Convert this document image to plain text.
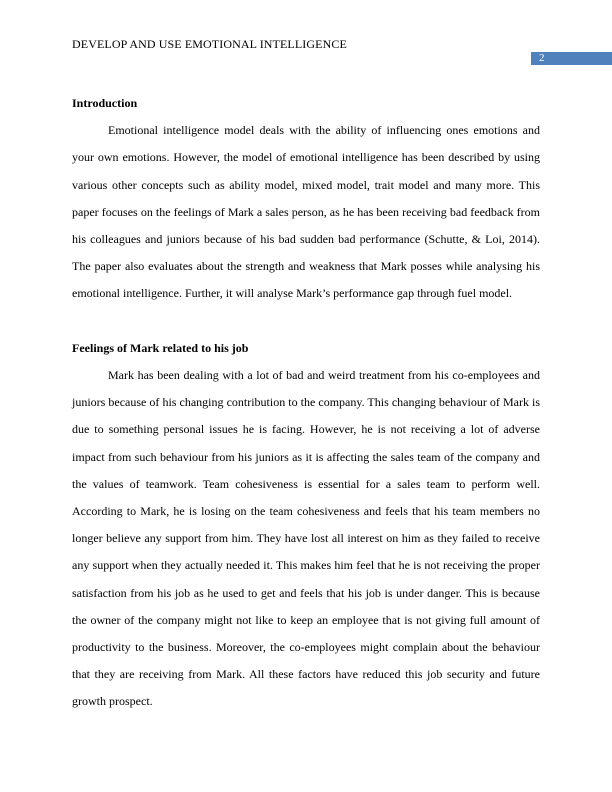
DEVELOP AND USE EMOTIONAL INTELLIGENCE
2
Introduction

Emotional intelligence model deals with the ability of influencing ones emotions and your own emotions. However, the model of emotional intelligence has been described by using various other concepts such as ability model, mixed model, trait model and many more. This paper focuses on the feelings of Mark a sales person, as he has been receiving bad feedback from his colleagues and juniors because of his bad sudden bad performance (Schutte, & Loi, 2014). The paper also evaluates about the strength and weakness that Mark posses while analysing his emotional intelligence. Further, it will analyse Mark’s performance gap through fuel model.

Feelings of Mark related to his job

Mark has been dealing with a lot of bad and weird treatment from his co-employees and juniors because of his changing contribution to the company. This changing behaviour of Mark is due to something personal issues he is facing. However, he is not receiving a lot of adverse impact from such behaviour from his juniors as it is affecting the sales team of the company and the values of teamwork. Team cohesiveness is essential for a sales team to perform well. According to Mark, he is losing on the team cohesiveness and feels that his team members no longer believe any support from him. They have lost all interest on him as they failed to receive any support when they actually needed it. This makes him feel that he is not receiving the proper satisfaction from his job as he used to get and feels that his job is under danger. This is because the owner of the company might not like to keep an employee that is not giving full amount of productivity to the business. Moreover, the co-employees might complain about the behaviour that they are receiving from Mark. All these factors have reduced this job security and future growth prospect.
